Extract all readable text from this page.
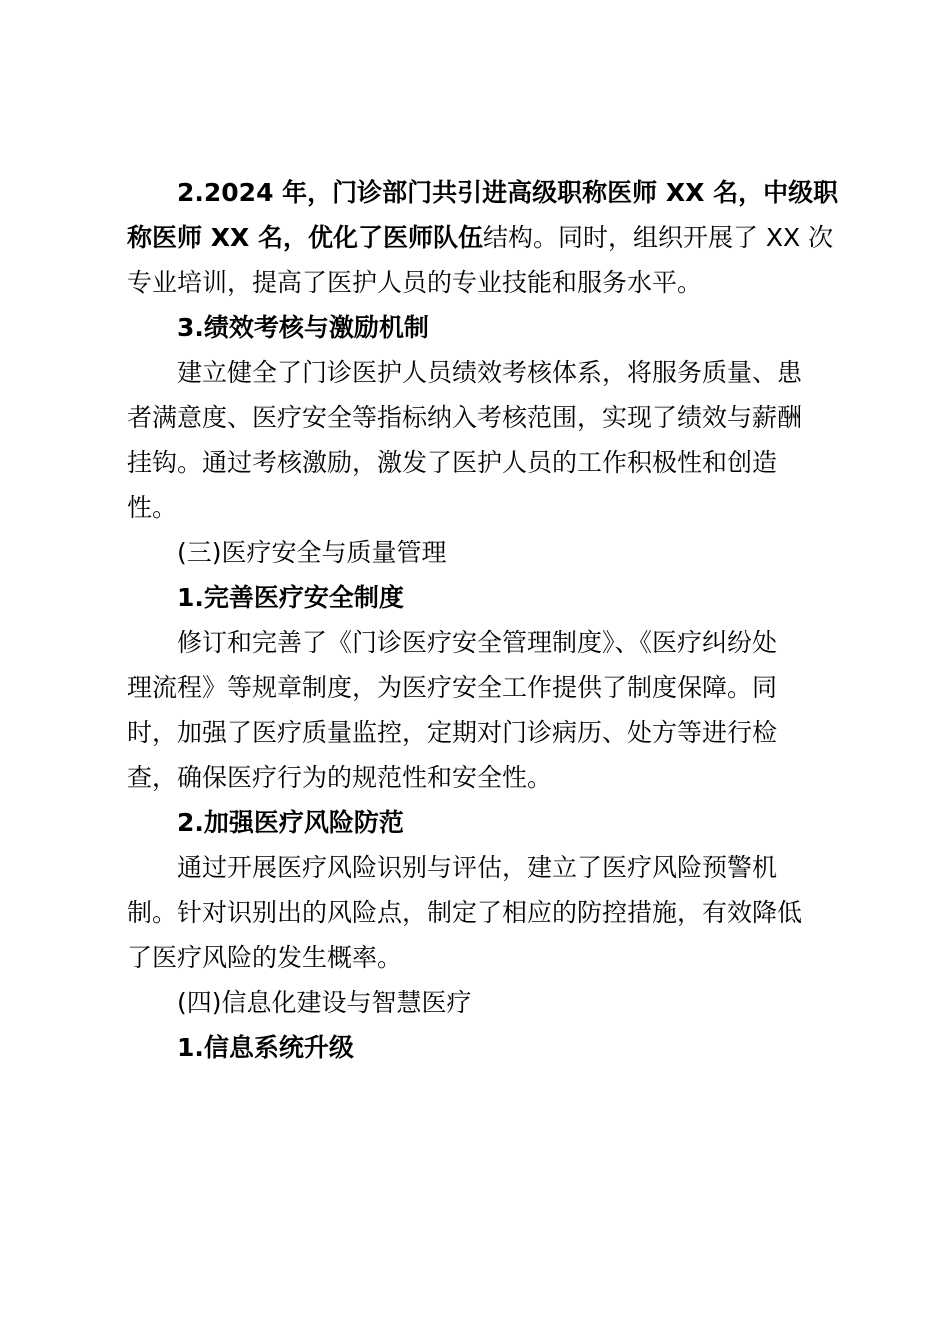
2.2024 年，门诊部门共引进高级职称医师 XX 名，中级职
称医师 XX 名，优化了医师队伍结构。同时，组织开展了 XX 次
专业培训，提高了医护人员的专业技能和服务水平。
3.绩效考核与激励机制
建立健全了门诊医护人员绩效考核体系，将服务质量、患
者满意度、医疗安全等指标纳入考核范围，实现了绩效与薪酬
挂钩。通过考核激励，激发了医护人员的工作积极性和创造
性。
(三)医疗安全与质量管理
1.完善医疗安全制度
修订和完善了《门诊医疗安全管理制度》、《医疗纠纷处
理流程》等规章制度，为医疗安全工作提供了制度保障。同
时，加强了医疗质量监控，定期对门诊病历、处方等进行检
查，确保医疗行为的规范性和安全性。
2.加强医疗风险防范
通过开展医疗风险识别与评估，建立了医疗风险预警机
制。针对识别出的风险点，制定了相应的防控措施，有效降低
了医疗风险的发生概率。
(四)信息化建设与智慧医疗
1.信息系统升级
